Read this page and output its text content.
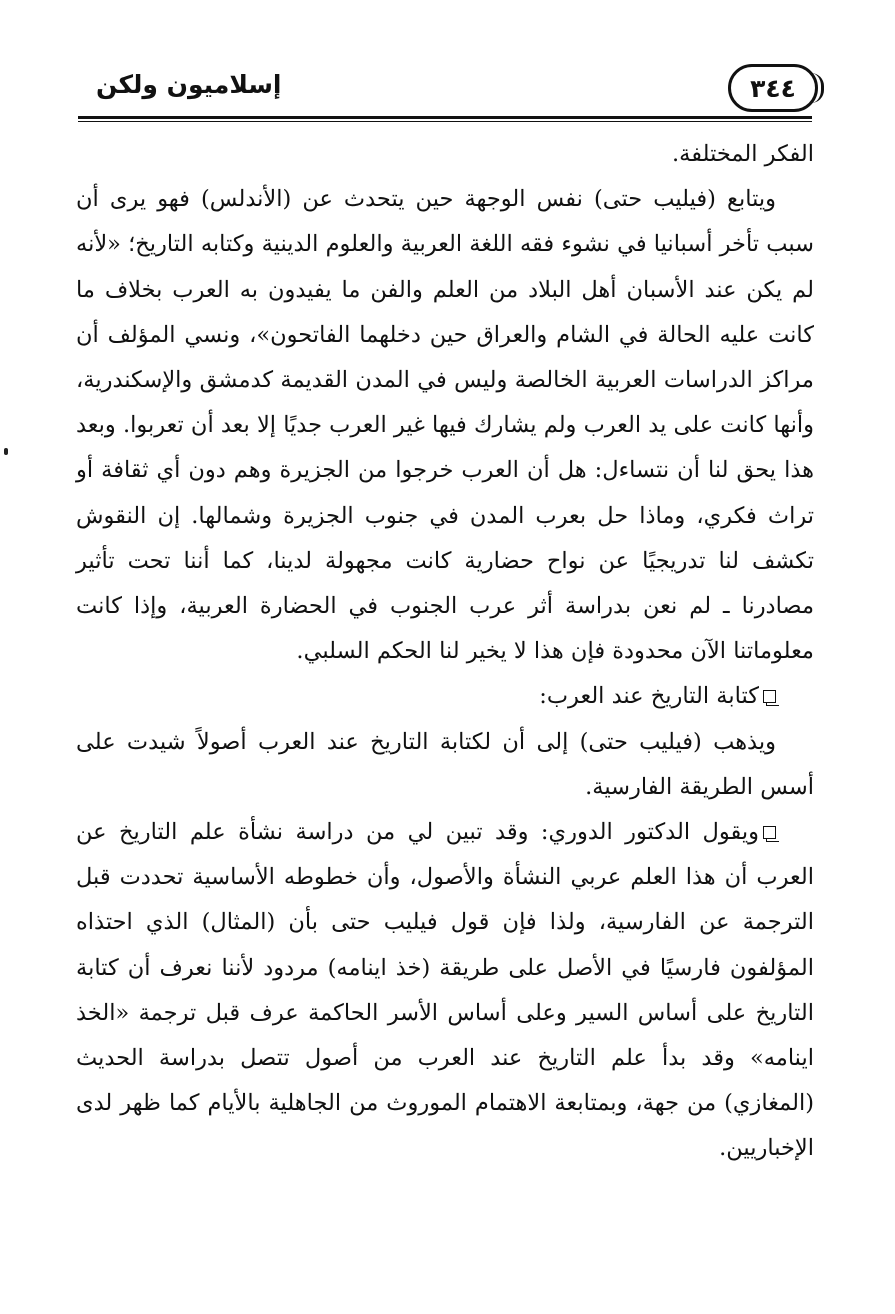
٣٤٤
إسلاميون ولكن

الفكر المختلفة.

ويتابع (فيليب حتى) نفس الوجهة حين يتحدث عن (الأندلس) فهو يرى أن سبب تأخر أسبانيا في نشوء فقه اللغة العربية والعلوم الدينية وكتابه التاريخ؛ «لأنه لم يكن عند الأسبان أهل البلاد من العلم والفن ما يفيدون به العرب بخلاف ما كانت عليه الحالة في الشام والعراق حين دخلهما الفاتحون»، ونسي المؤلف أن مراكز الدراسات العربية الخالصة وليس في المدن القديمة كدمشق والإسكندرية، وأنها كانت على يد العرب ولم يشارك فيها غير العرب جديًا إلا بعد أن تعربوا. وبعد هذا يحق لنا أن نتساءل: هل أن العرب خرجوا من الجزيرة وهم دون أي ثقافة أو تراث فكري، وماذا حل بعرب المدن في جنوب الجزيرة وشمالها. إن النقوش تكشف لنا تدريجيًا عن نواح حضارية كانت مجهولة لدينا، كما أننا تحت تأثير مصادرنا ـ لم نعن بدراسة أثر عرب الجنوب في الحضارة العربية، وإذا كانت معلوماتنا الآن محدودة فإن هذا لا يخير لنا الحكم السلبي.

كتابة التاريخ عند العرب:

ويذهب (فيليب حتى) إلى أن لكتابة التاريخ عند العرب أصولاً شيدت على أسس الطريقة الفارسية.

ويقول الدكتور الدوري: وقد تبين لي من دراسة نشأة علم التاريخ عن العرب أن هذا العلم عربي النشأة والأصول، وأن خطوطه الأساسية تحددت قبل الترجمة عن الفارسية، ولذا فإن قول فيليب حتى بأن (المثال) الذي احتذاه المؤلفون فارسيًا في الأصل على طريقة (خذ اينامه) مردود لأننا نعرف أن كتابة التاريخ على أساس السير وعلى أساس الأسر الحاكمة عرف قبل ترجمة «الخذ اينامه» وقد بدأ علم التاريخ عند العرب من أصول تتصل بدراسة الحديث (المغازي) من جهة، وبمتابعة الاهتمام الموروث من الجاهلية بالأيام كما ظهر لدى الإخباريين.
